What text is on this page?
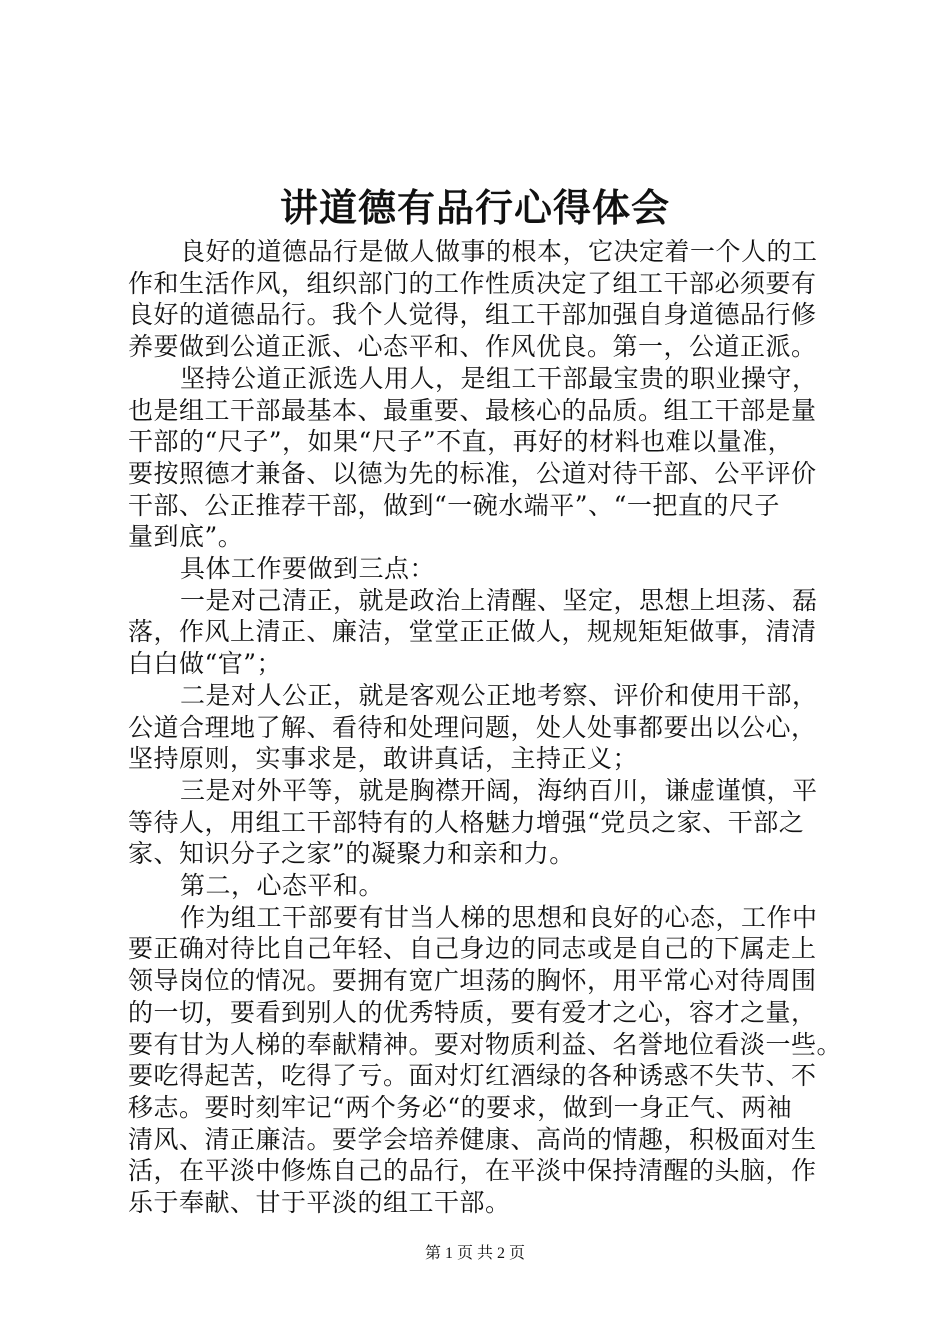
讲道德有品行心得体会
良好的道德品行是做人做事的根本，它决定着一个人的工
作和生活作风，组织部门的工作性质决定了组工干部必须要有
良好的道德品行。我个人觉得，组工干部加强自身道德品行修
养要做到公道正派、心态平和、作风优良。第一，公道正派。
坚持公道正派选人用人，是组工干部最宝贵的职业操守，
也是组工干部最基本、最重要、最核心的品质。组工干部是量
干部的“尺子”，如果“尺子”不直，再好的材料也难以量准，
要按照德才兼备、以德为先的标准，公道对待干部、公平评价
干部、公正推荐干部，做到“一碗水端平”、“一把直的尺子
量到底”。
具体工作要做到三点：
一是对己清正，就是政治上清醒、坚定，思想上坦荡、磊
落，作风上清正、廉洁，堂堂正正做人，规规矩矩做事，清清
白白做“官”；
二是对人公正，就是客观公正地考察、评价和使用干部，
公道合理地了解、看待和处理问题，处人处事都要出以公心，
坚持原则，实事求是，敢讲真话，主持正义；
三是对外平等，就是胸襟开阔，海纳百川，谦虚谨慎，平
等待人，用组工干部特有的人格魅力增强“党员之家、干部之
家、知识分子之家”的凝聚力和亲和力。
第二，心态平和。
作为组工干部要有甘当人梯的思想和良好的心态，工作中
要正确对待比自己年轻、自己身边的同志或是自己的下属走上
领导岗位的情况。要拥有宽广坦荡的胸怀，用平常心对待周围
的一切，要看到别人的优秀特质，要有爱才之心，容才之量，
要有甘为人梯的奉献精神。要对物质利益、名誉地位看淡一些。
要吃得起苦，吃得了亏。面对灯红酒绿的各种诱惑不失节、不
移志。要时刻牢记“两个务必“的要求，做到一身正气、两袖
清风、清正廉洁。要学会培养健康、高尚的情趣，积极面对生
活，在平淡中修炼自己的品行，在平淡中保持清醒的头脑，作
乐于奉献、甘于平淡的组工干部。
第 1 页 共 2 页
